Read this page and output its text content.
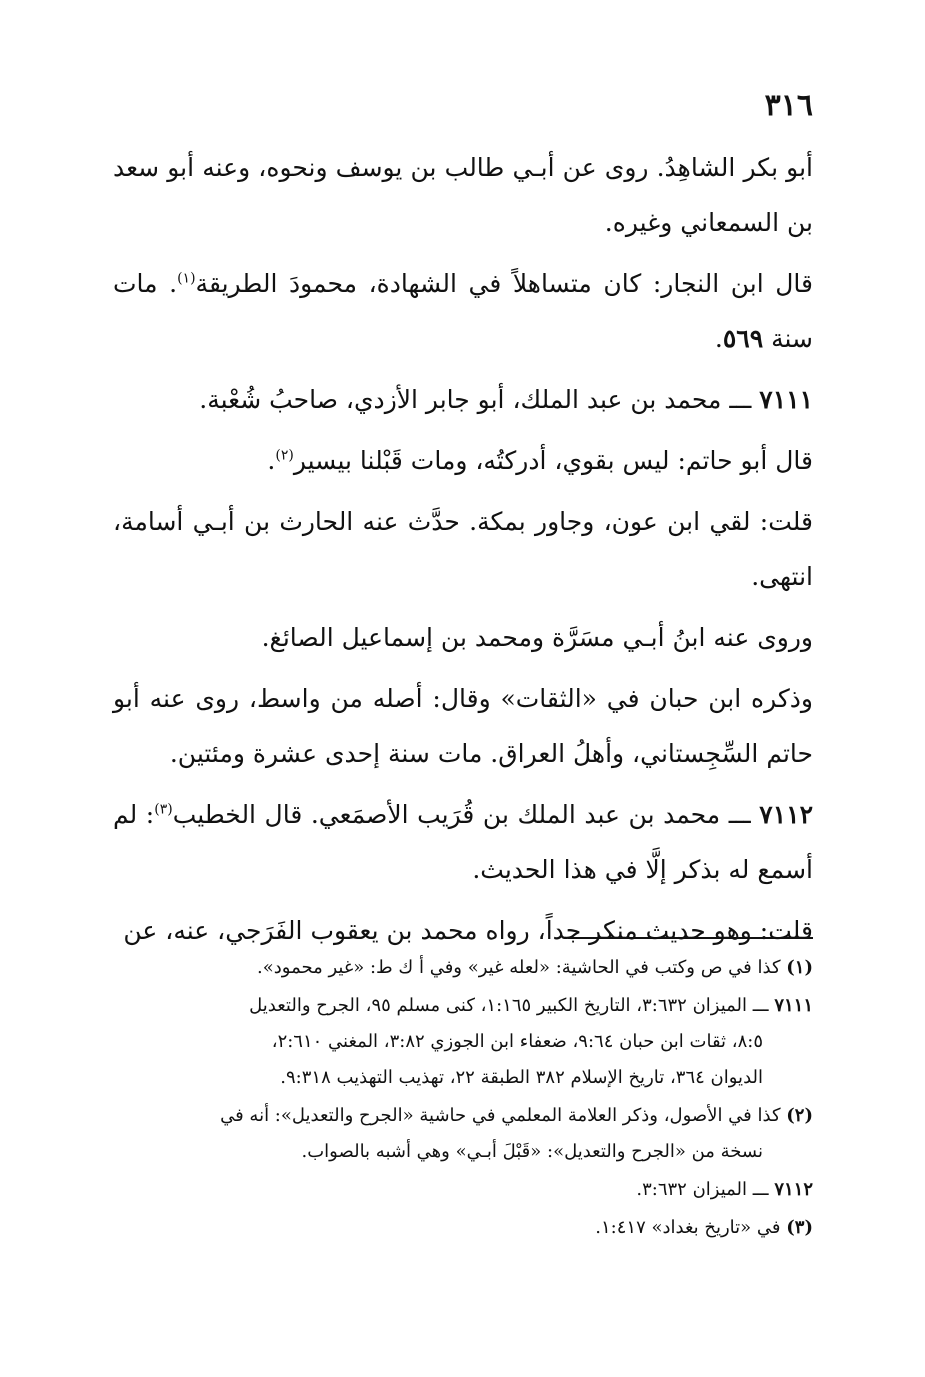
٣١٦

أبو بكر الشاهِدُ. روى عن أبـي طالب بن يوسف ونحوه، وعنه أبو سعد بن السمعاني وغيره.

قال ابن النجار: كان متساهلاً في الشهادة، محمودَ الطريقة$^{(١)}$. مات سنة ٥٦٩.

٧١١١ ـــ محمد بن عبد الملك، أبو جابر الأزدي، صاحبُ شُعْبة.

قال أبو حاتم: ليس بقوي، أدركتُه، ومات قَبْلنا بيسير$^{(٢)}$.

قلت: لقي ابن عون، وجاور بمكة. حدَّث عنه الحارث بن أبـي أسامة، انتهى.

وروى عنه ابنُ أبـي مسَرَّة ومحمد بن إسماعيل الصائغ.

وذكره ابن حبان في «الثقات» وقال: أصله من واسط، روى عنه أبو حاتم السِّجِستاني، وأهلُ العراق. مات سنة إحدى عشرة ومئتين.

٧١١٢ ـــ محمد بن عبد الملك بن قُرَيب الأصمَعي. قال الخطيب$^{(٣)}$: لم أسمع له بذكر إلَّا في هذا الحديث.

قلت: وهو حديث منكر جداً، رواه محمد بن يعقوب الفَرَجي، عنه، عن

(١) كذا في ص وكتب في الحاشية: «لعله غير» وفي أ ك ط: «غير محمود».
٧١١١ ـــ الميزان ٣:٦٣٢، التاريخ الكبير ١:١٦٥، كنى مسلم ٩٥، الجرح والتعديل
٨:٥، ثقات ابن حبان ٩:٦٤، ضعفاء ابن الجوزي ٣:٨٢، المغني ٢:٦١٠،
الديوان ٣٦٤، تاريخ الإسلام ٣٨٢ الطبقة ٢٢، تهذيب التهذيب ٩:٣١٨.
(٢) كذا في الأصول، وذكر العلامة المعلمي في حاشية «الجرح والتعديل»: أنه في
نسخة من «الجرح والتعديل»: «قَبْلَ أبـي» وهي أشبه بالصواب.
٧١١٢ ـــ الميزان ٣:٦٣٢.
(٣) في «تاريخ بغداد» ١:٤١٧.
